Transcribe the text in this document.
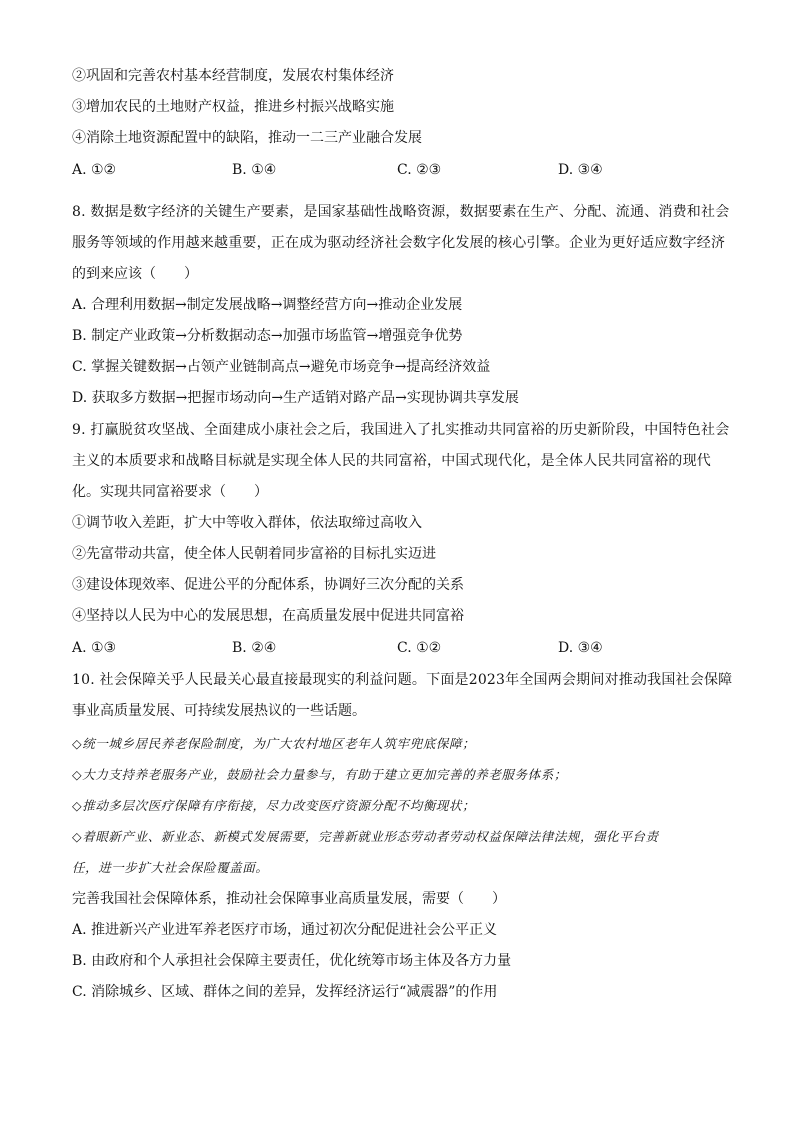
②巩固和完善农村基本经营制度，发展农村集体经济
③增加农民的土地财产权益，推进乡村振兴战略实施
④消除土地资源配置中的缺陷，推动一二三产业融合发展
A. ①②	B. ①④	C. ②③	D. ③④
8. 数据是数字经济的关键生产要素，是国家基础性战略资源，数据要素在生产、分配、流通、消费和社会
服务等领域的作用越来越重要，正在成为驱动经济社会数字化发展的核心引擎。企业为更好适应数字经济
的到来应该（　　）
A. 合理利用数据→制定发展战略→调整经营方向→推动企业发展
B. 制定产业政策→分析数据动态→加强市场监管→增强竞争优势
C. 掌握关键数据→占领产业链制高点→避免市场竞争→提高经济效益
D. 获取多方数据→把握市场动向→生产适销对路产品→实现协调共享发展
9. 打赢脱贫攻坚战、全面建成小康社会之后，我国进入了扎实推动共同富裕的历史新阶段，中国特色社会
主义的本质要求和战略目标就是实现全体人民的共同富裕，中国式现代化，是全体人民共同富裕的现代
化。实现共同富裕要求（　　）
①调节收入差距，扩大中等收入群体，依法取缔过高收入
②先富带动共富，使全体人民朝着同步富裕的目标扎实迈进
③建设体现效率、促进公平的分配体系，协调好三次分配的关系
④坚持以人民为中心的发展思想，在高质量发展中促进共同富裕
A. ①③	B. ②④	C. ①②	D. ③④
10. 社会保障关乎人民最关心最直接最现实的利益问题。下面是2023年全国两会期间对推动我国社会保障
事业高质量发展、可持续发展热议的一些话题。
◇统一城乡居民养老保险制度，为广大农村地区老年人筑牢兜底保障；
◇大力支持养老服务产业，鼓励社会力量参与，有助于建立更加完善的养老服务体系；
◇推动多层次医疗保障有序衔接，尽力改变医疗资源分配不均衡现状；
◇着眼新产业、新业态、新模式发展需要，完善新就业形态劳动者劳动权益保障法律法规，强化平台责
任，进一步扩大社会保险覆盖面。
完善我国社会保障体系，推动社会保障事业高质量发展，需要（　　）
A. 推进新兴产业进军养老医疗市场，通过初次分配促进社会公平正义
B. 由政府和个人承担社会保障主要责任，优化统筹市场主体及各方力量
C. 消除城乡、区域、群体之间的差异，发挥经济运行“减震器”的作用
